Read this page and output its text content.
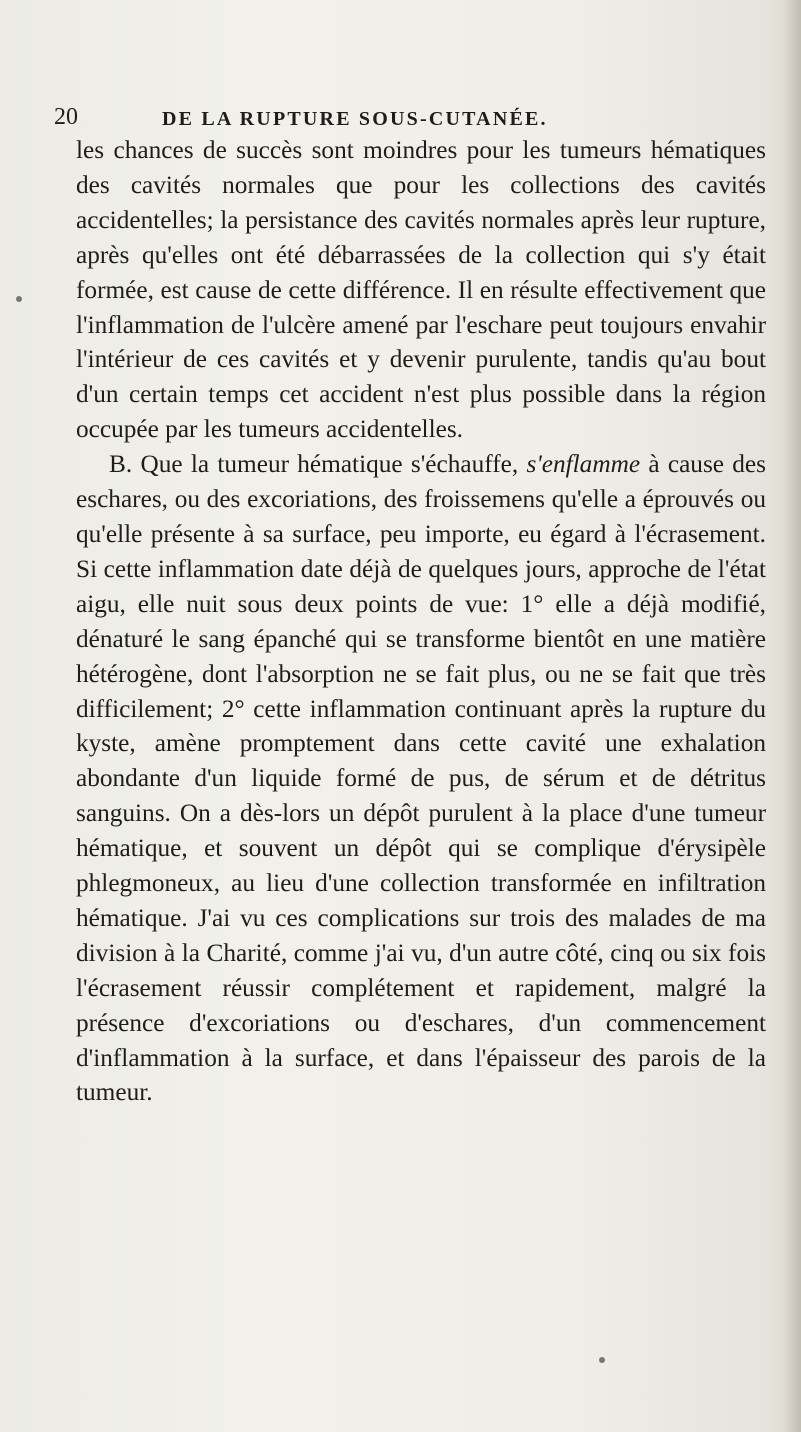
20	DE LA RUPTURE SOUS-CUTANÉE.

les chances de succès sont moindres pour les tumeurs hématiques des cavités normales que pour les collections des cavités accidentelles; la persistance des cavités normales après leur rupture, après qu'elles ont été débarrassées de la collection qui s'y était formée, est cause de cette différence. Il en résulte effectivement que l'inflammation de l'ulcère amené par l'eschare peut toujours envahir l'intérieur de ces cavités et y devenir purulente, tandis qu'au bout d'un certain temps cet accident n'est plus possible dans la région occupée par les tumeurs accidentelles.

B. Que la tumeur hématique s'échauffe, s'enflamme à cause des eschares, ou des excoriations, des froissemens qu'elle a éprouvés ou qu'elle présente à sa surface, peu importe, eu égard à l'écrasement. Si cette inflammation date déjà de quelques jours, approche de l'état aigu, elle nuit sous deux points de vue: 1° elle a déjà modifié, dénaturé le sang épanché qui se transforme bientôt en une matière hétérogène, dont l'absorption ne se fait plus, ou ne se fait que très difficilement; 2° cette inflammation continuant après la rupture du kyste, amène promptement dans cette cavité une exhalation abondante d'un liquide formé de pus, de sérum et de détritus sanguins. On a dès-lors un dépôt purulent à la place d'une tumeur hématique, et souvent un dépôt qui se complique d'érysipèle phlegmoneux, au lieu d'une collection transformée en infiltration hématique. J'ai vu ces complications sur trois des malades de ma division à la Charité, comme j'ai vu, d'un autre côté, cinq ou six fois l'écrasement réussir complétement et rapidement, malgré la présence d'excoriations ou d'eschares, d'un commencement d'inflammation à la surface, et dans l'épaisseur des parois de la tumeur.
